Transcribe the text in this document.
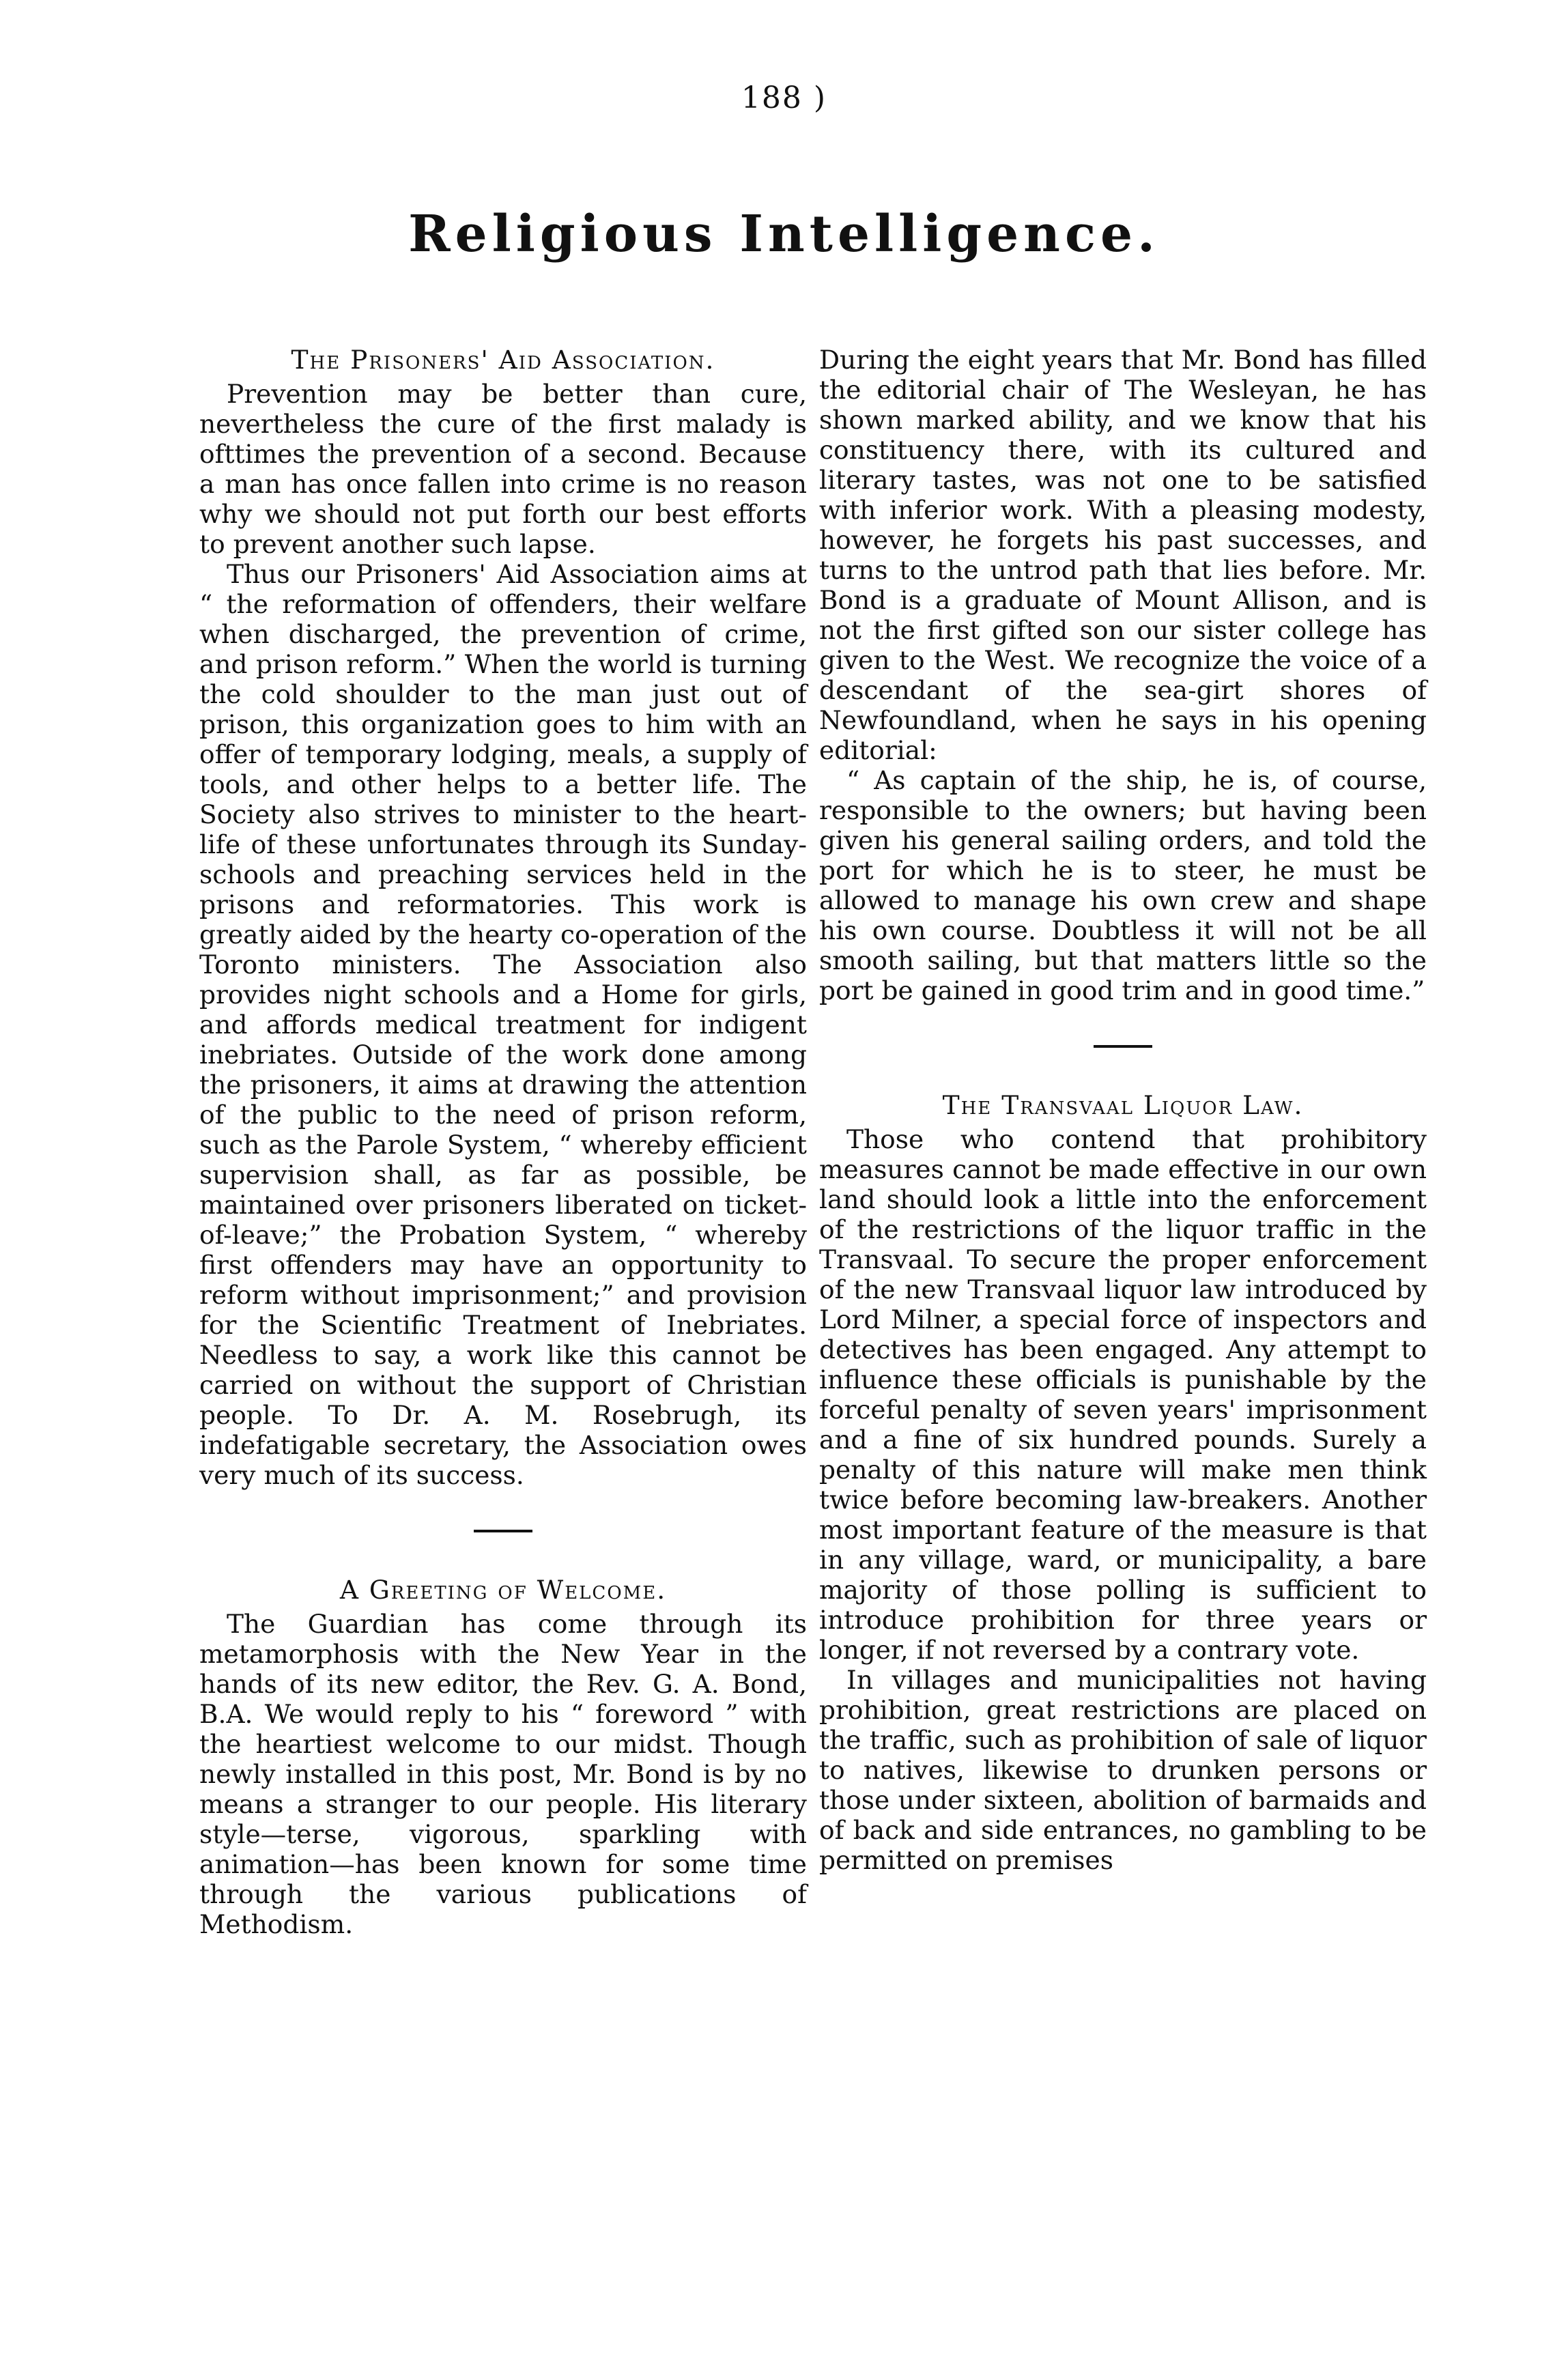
188 )
Religious Intelligence.
The Prisoners' Aid Association.

Prevention may be better than cure, nevertheless the cure of the first malady is ofttimes the prevention of a second. Because a man has once fallen into crime is no reason why we should not put forth our best efforts to prevent another such lapse.

Thus our Prisoners' Aid Association aims at “ the reformation of offenders, their welfare when discharged, the prevention of crime, and prison reform.” When the world is turning the cold shoulder to the man just out of prison, this organization goes to him with an offer of temporary lodging, meals, a supply of tools, and other helps to a better life. The Society also strives to minister to the heart-life of these unfortunates through its Sunday-schools and preaching services held in the prisons and reformatories. This work is greatly aided by the hearty co-operation of the Toronto ministers. The Association also provides night schools and a Home for girls, and affords medical treatment for indigent inebriates. Outside of the work done among the prisoners, it aims at drawing the attention of the public to the need of prison reform, such as the Parole System, “ whereby efficient supervision shall, as far as possible, be maintained over prisoners liberated on ticket-of-leave;” the Probation System, “ whereby first offenders may have an opportunity to reform without imprisonment;” and provision for the Scientific Treatment of Inebriates. Needless to say, a work like this cannot be carried on without the support of Christian people. To Dr. A. M. Rosebrugh, its indefatigable secretary, the Association owes very much of its success.

A Greeting of Welcome.

The Guardian has come through its metamorphosis with the New Year in the hands of its new editor, the Rev. G. A. Bond, B.A. We would reply to his “ foreword ” with the heartiest welcome to our midst. Though newly installed in this post, Mr. Bond is by no means a stranger to our people. His literary style—terse, vigorous, sparkling with animation—has been known for some time through the various publications of Methodism.

During the eight years that Mr. Bond has filled the editorial chair of The Wesleyan, he has shown marked ability, and we know that his constituency there, with its cultured and literary tastes, was not one to be satisfied with inferior work. With a pleasing modesty, however, he forgets his past successes, and turns to the untrod path that lies before. Mr. Bond is a graduate of Mount Allison, and is not the first gifted son our sister college has given to the West. We recognize the voice of a descendant of the sea-girt shores of Newfoundland, when he says in his opening editorial:

“ As captain of the ship, he is, of course, responsible to the owners; but having been given his general sailing orders, and told the port for which he is to steer, he must be allowed to manage his own crew and shape his own course. Doubtless it will not be all smooth sailing, but that matters little so the port be gained in good trim and in good time.”

The Transvaal Liquor Law.

Those who contend that prohibitory measures cannot be made effective in our own land should look a little into the enforcement of the restrictions of the liquor traffic in the Transvaal. To secure the proper enforcement of the new Transvaal liquor law introduced by Lord Milner, a special force of inspectors and detectives has been engaged. Any attempt to influence these officials is punishable by the forceful penalty of seven years' imprisonment and a fine of six hundred pounds. Surely a penalty of this nature will make men think twice before becoming law-breakers. Another most important feature of the measure is that in any village, ward, or municipality, a bare majority of those polling is sufficient to introduce prohibition for three years or longer, if not reversed by a contrary vote.

In villages and municipalities not having prohibition, great restrictions are placed on the traffic, such as prohibition of sale of liquor to natives, likewise to drunken persons or those under sixteen, abolition of barmaids and of back and side entrances, no gambling to be permitted on premises
